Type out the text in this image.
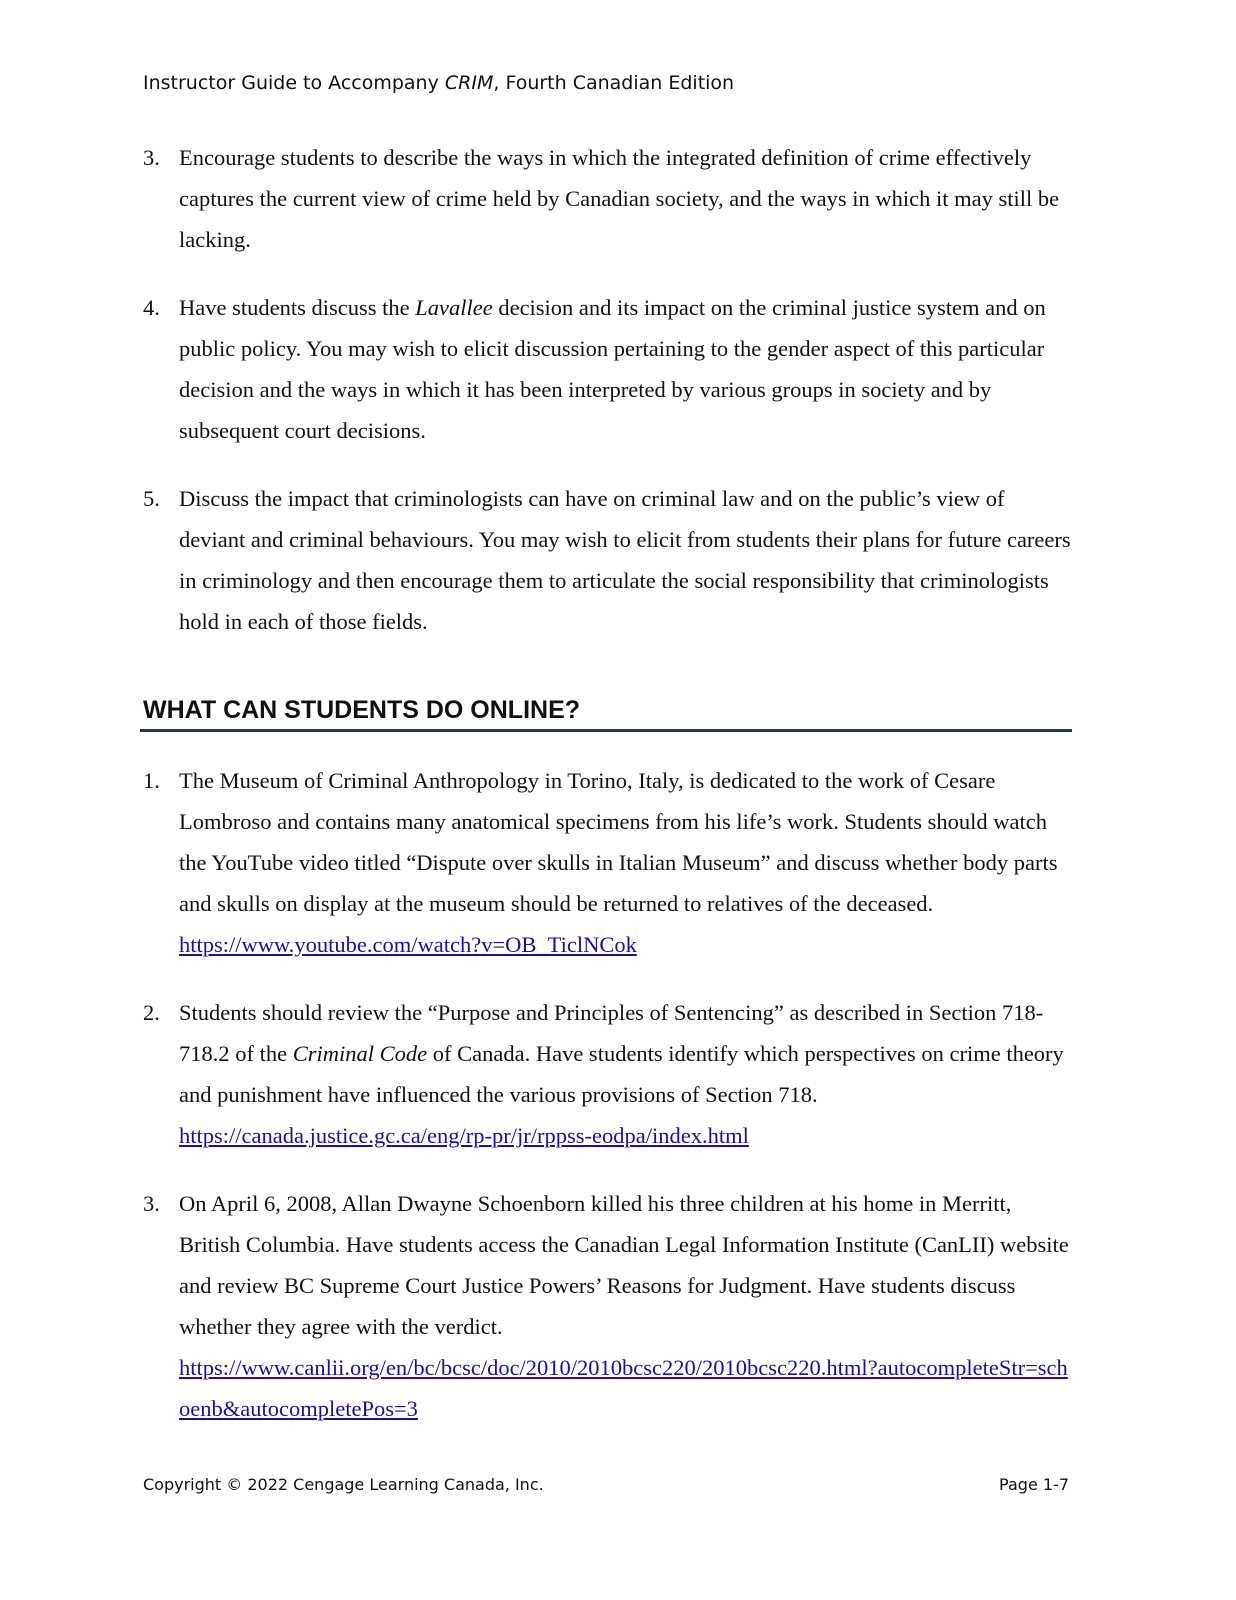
Instructor Guide to Accompany CRIM, Fourth Canadian Edition
3. Encourage students to describe the ways in which the integrated definition of crime effectively captures the current view of crime held by Canadian society, and the ways in which it may still be lacking.

4. Have students discuss the Lavallee decision and its impact on the criminal justice system and on public policy. You may wish to elicit discussion pertaining to the gender aspect of this particular decision and the ways in which it has been interpreted by various groups in society and by subsequent court decisions.

5. Discuss the impact that criminologists can have on criminal law and on the public’s view of deviant and criminal behaviours. You may wish to elicit from students their plans for future careers in criminology and then encourage them to articulate the social responsibility that criminologists hold in each of those fields.

WHAT CAN STUDENTS DO ONLINE?
1. The Museum of Criminal Anthropology in Torino, Italy, is dedicated to the work of Cesare Lombroso and contains many anatomical specimens from his life’s work. Students should watch the YouTube video titled “Dispute over skulls in Italian Museum” and discuss whether body parts and skulls on display at the museum should be returned to relatives of the deceased. https://www.youtube.com/watch?v=OB_TiclNCok

2. Students should review the “Purpose and Principles of Sentencing” as described in Section 718-718.2 of the Criminal Code of Canada. Have students identify which perspectives on crime theory and punishment have influenced the various provisions of Section 718.

https://canada.justice.gc.ca/eng/rp-pr/jr/rppss-eodpa/index.html
3. On April 6, 2008, Allan Dwayne Schoenborn killed his three children at his home in Merritt, British Columbia. Have students access the Canadian Legal Information Institute (CanLII) website and review BC Supreme Court Justice Powers’ Reasons for Judgment. Have students discuss whether they agree with the verdict.

https://www.canlii.org/en/bc/bcsc/doc/2010/2010bcsc220/2010bcsc220.html?autocompleteStr=schoenb&autocompletePos=3
Copyright © 2022 Cengage Learning Canada, Inc.	Page 1-7
